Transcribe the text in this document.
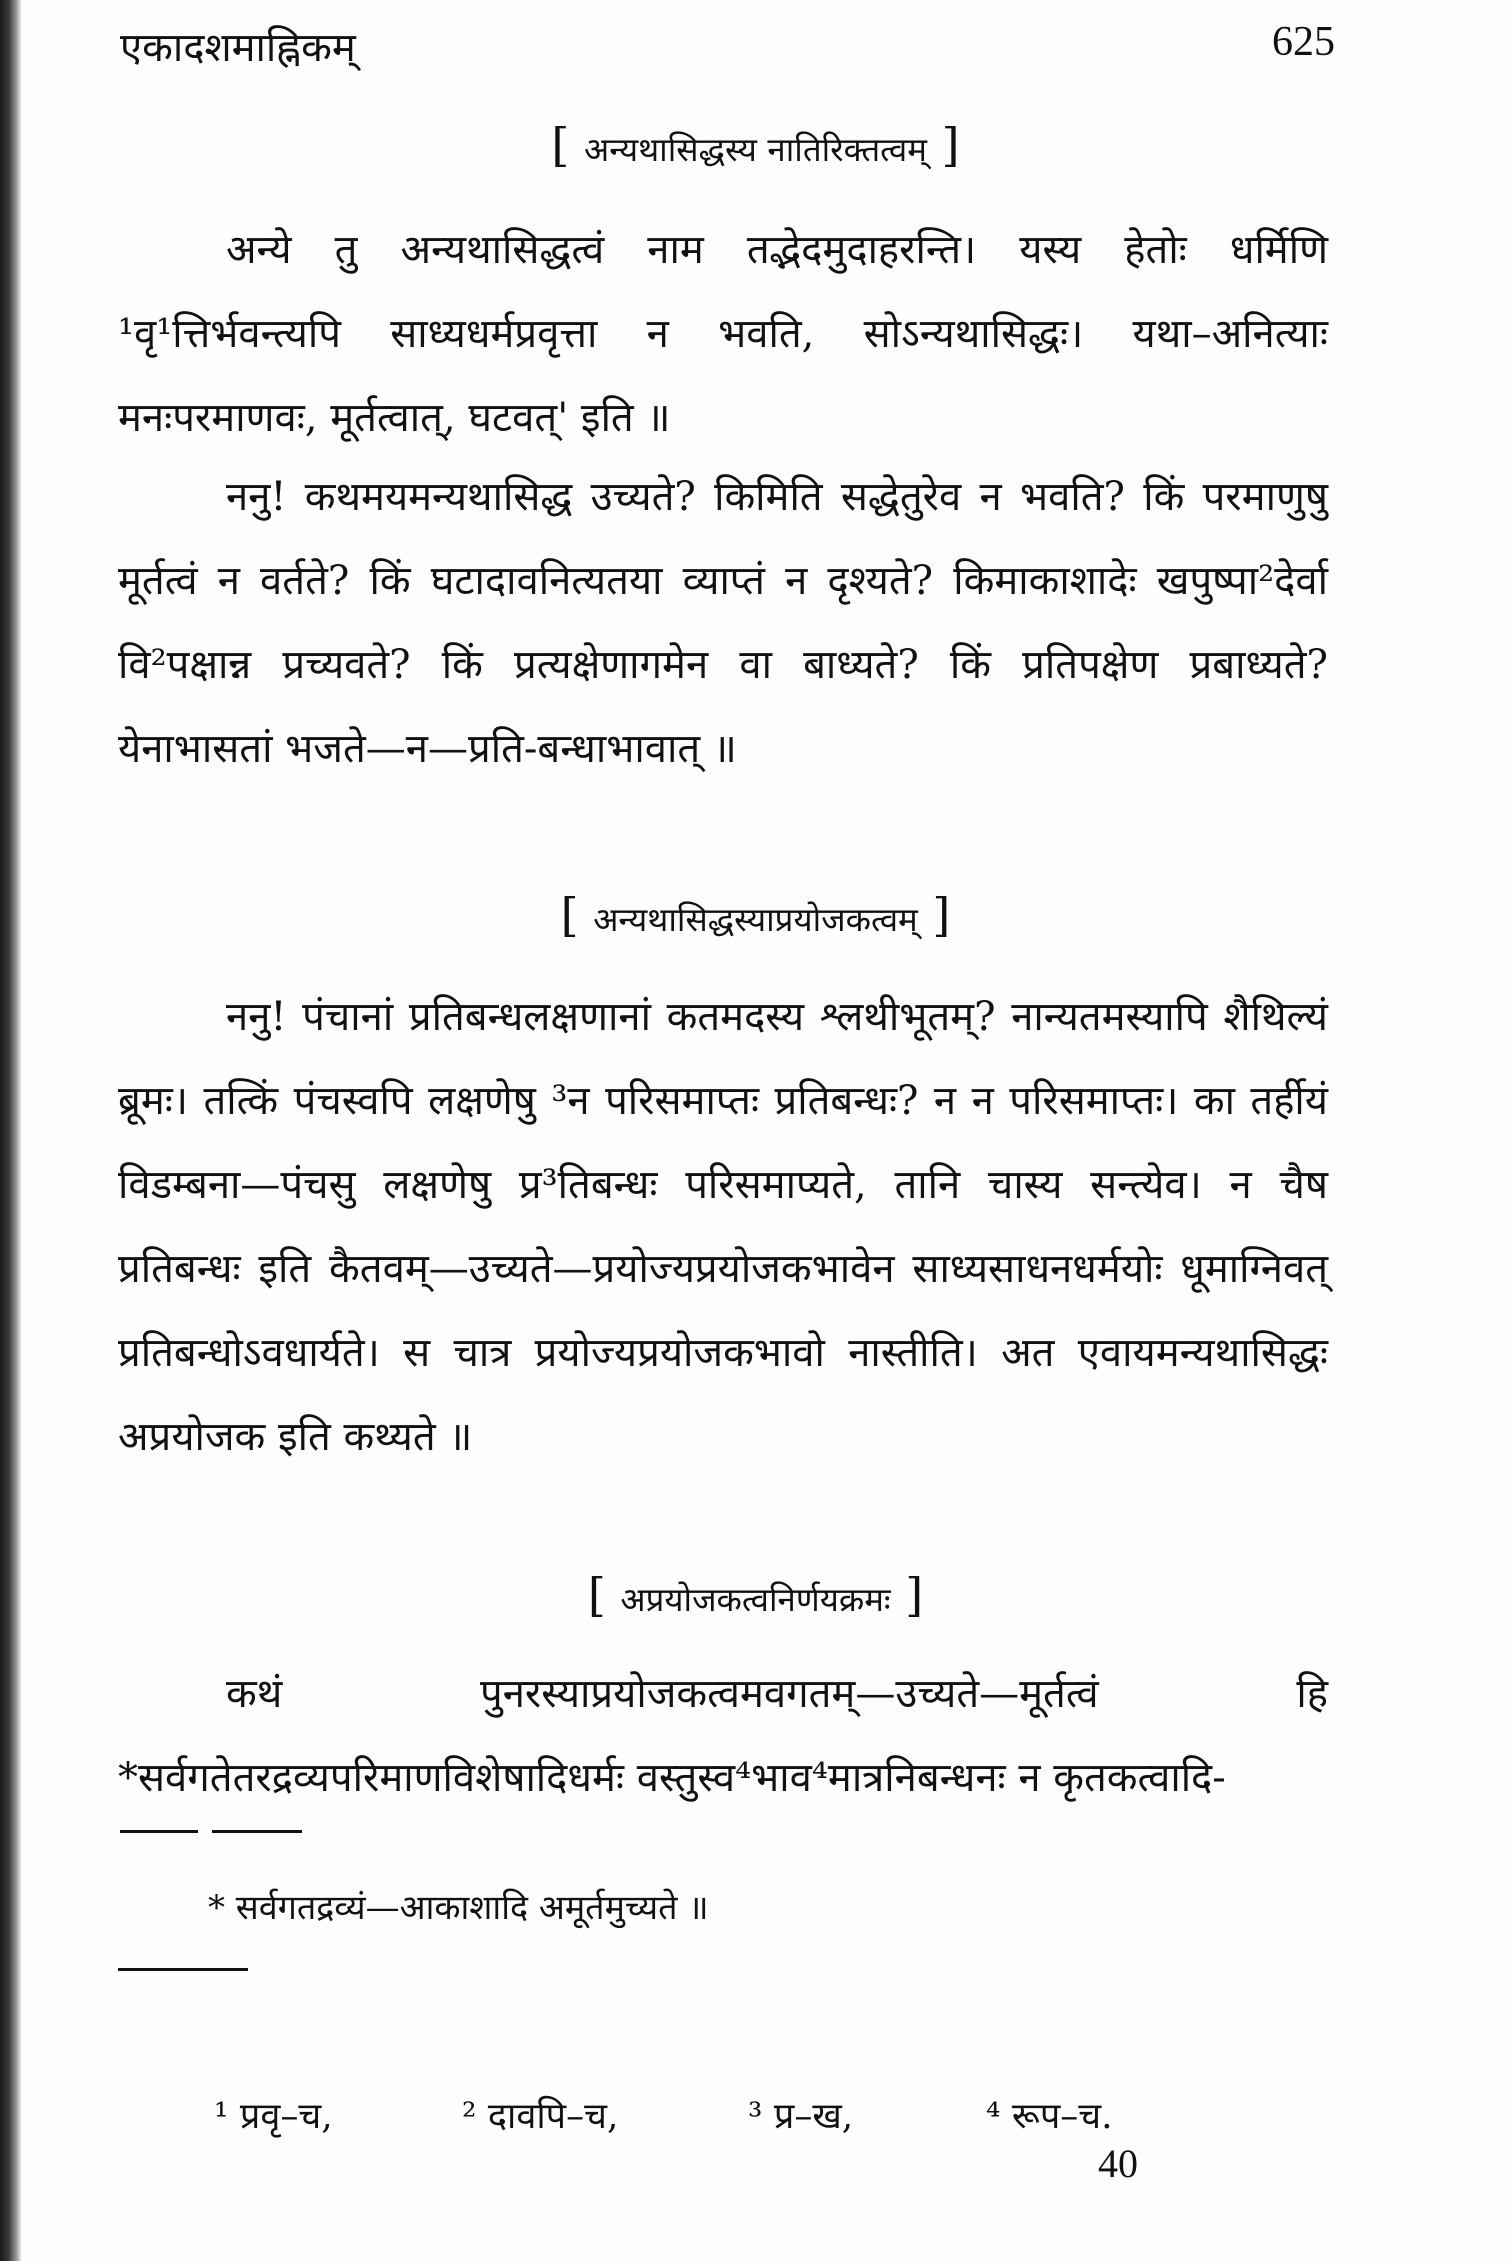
एकादशमाह्निकम्	625
[ अन्यथासिद्धस्य नातिरिक्तत्वम् ]

अन्ये तु अन्यथासिद्धत्वं नाम तद्भेदमुदाहरन्ति। यस्य हेतोः धर्मिणि ¹वृ¹त्तिर्भवन्त्यपि साध्यधर्मप्रवृत्ता न भवति, सोऽन्यथासिद्धः। यथा–अनित्याः मनःपरमाणवः, मूर्तत्वात्, घटवत्' इति ॥

ननु! कथमयमन्यथासिद्ध उच्यते? किमिति सद्धेतुरेव न भवति? किं परमाणुषु मूर्तत्वं न वर्तते? किं घटादावनित्यतया व्याप्तं न दृश्यते? किमाकाशादेः खपुष्पा²देर्वा वि²पक्षान्न प्रच्यवते? किं प्रत्यक्षेणागमेन वा बाध्यते? किं प्रतिपक्षेण प्रबाध्यते? येनाभासतां भजते—न—प्रति-बन्धाभावात् ॥

[ अन्यथासिद्धस्याप्रयोजकत्वम् ]

ननु! पंचानां प्रतिबन्धलक्षणानां कतमदस्य श्लथीभूतम्? नान्यतमस्यापि शैथिल्यं ब्रूमः। तत्किं पंचस्वपि लक्षणेषु ³न परिसमाप्तः प्रतिबन्धः? न न परिसमाप्तः। का तर्हीयं विडम्बना—पंचसु लक्षणेषु प्र³तिबन्धः परिसमाप्यते, तानि चास्य सन्त्येव। न चैष प्रतिबन्धः इति कैतवम्—उच्यते—प्रयोज्यप्रयोजकभावेन साध्यसाधनधर्मयोः धूमाग्निवत् प्रतिबन्धोऽवधार्यते। स चात्र प्रयोज्यप्रयोजकभावो नास्तीति। अत एवायमन्यथासिद्धः अप्रयोजक इति कथ्यते ॥

[ अप्रयोजकत्वनिर्णयक्रमः ]

कथं पुनरस्याप्रयोजकत्वमवगतम्—उच्यते—मूर्तत्वं हि *सर्वगतेतरद्रव्यपरिमाणविशेषादिधर्मः वस्तुस्व⁴भाव⁴मात्रनिबन्धनः न कृतकत्वादि-

* सर्वगतद्रव्यं—आकाशादि अमूर्तमुच्यते ॥
¹ प्रवृ–च,	² दावपि–च,	³ प्र–ख,	⁴ रूप–च.
40
